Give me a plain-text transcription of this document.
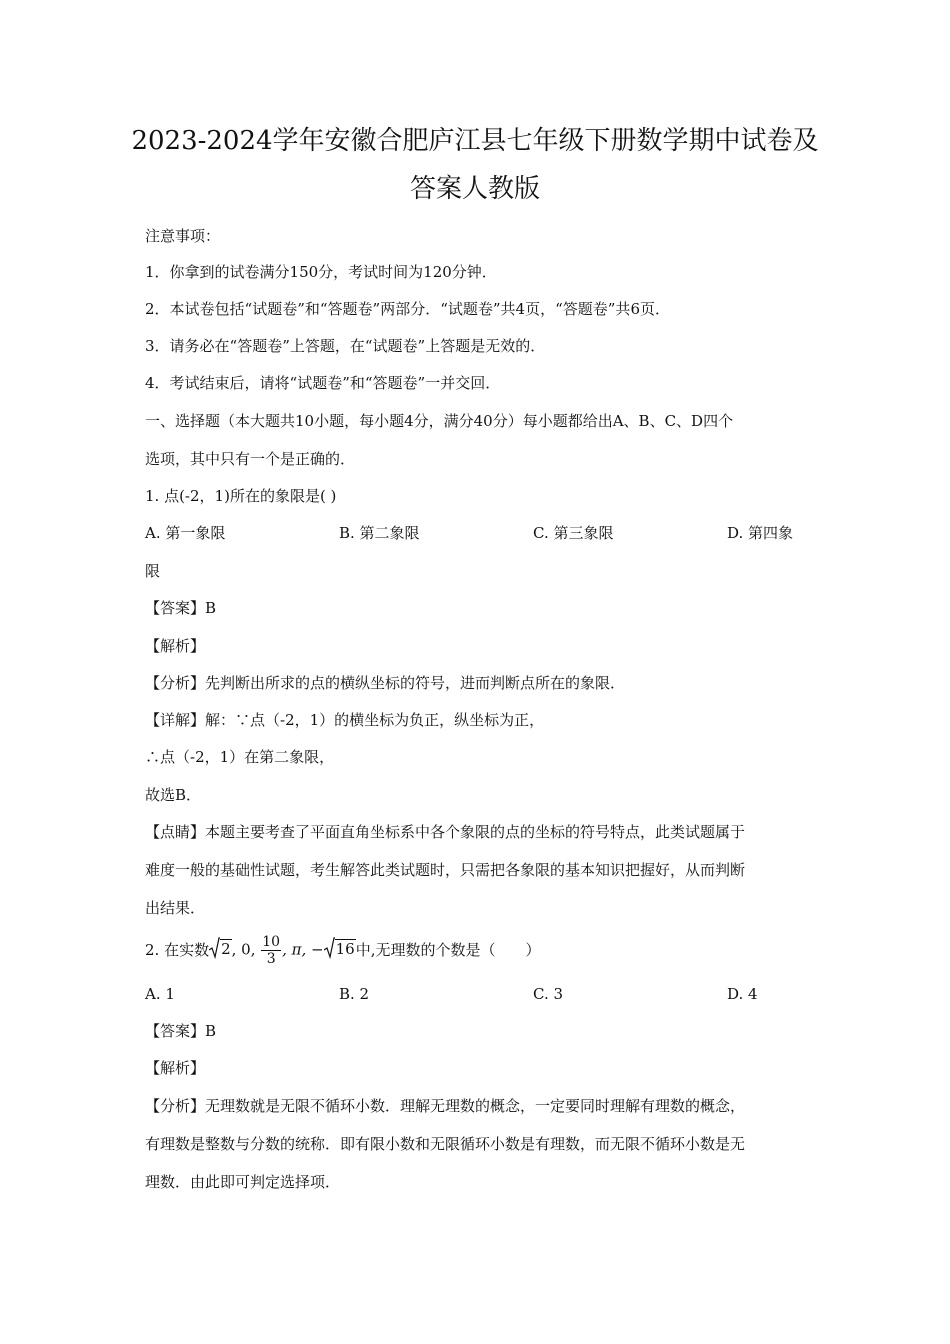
2023-2024学年安徽合肥庐江县七年级下册数学期中试卷及
答案人教版
注意事项：
1．你拿到的试卷满分150分，考试时间为120分钟．
2．本试卷包括“试题卷”和“答题卷”两部分．“试题卷”共4页，“答题卷”共6页．
3．请务必在“答题卷”上答题，在“试题卷”上答题是无效的．
4．考试结束后，请将“试题卷”和“答题卷”一并交回．
一、选择题（本大题共10小题，每小题4分，满分40分）每小题都给出A、B、C、D四个
选项，其中只有一个是正确的．
1. 点(-2，1)所在的象限是( )
A. 第一象限	B. 第二象限	C. 第三象限	D. 第四象
限
【答案】B
【解析】
【分析】先判断出所求的点的横纵坐标的符号，进而判断点所在的象限．
【详解】解：∵点（-2，1）的横坐标为负正，纵坐标为正，
∴点（-2，1）在第二象限，
故选B．
【点睛】本题主要考查了平面直角坐标系中各个象限的点的坐标的符号特点，此类试题属于
难度一般的基础性试题，考生解答此类试题时，只需把各象限的基本知识把握好，从而判断
出结果．
2. 在实数 2, 0, $\frac{10}{3}$ , π, − 16 中,无理数的个数是（　　）
A. 1	B. 2	C. 3	D. 4
【答案】B
【解析】
【分析】无理数就是无限不循环小数．理解无理数的概念，一定要同时理解有理数的概念，
有理数是整数与分数的统称．即有限小数和无限循环小数是有理数，而无限不循环小数是无
理数．由此即可判定选择项．
